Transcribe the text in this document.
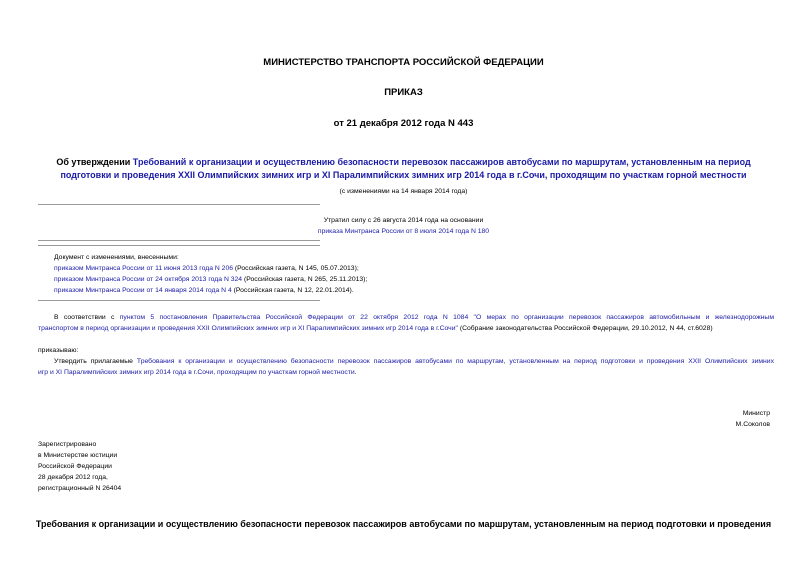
МИНИСТЕРСТВО ТРАНСПОРТА РОССИЙСКОЙ ФЕДЕРАЦИИ
ПРИКАЗ
от 21 декабря 2012 года N 443
Об утверждении Требований к организации и осуществлению безопасности перевозок пассажиров автобусами по маршрутам, установленным на период
подготовки и проведения XXII Олимпийских зимних игр и XI Паралимпийских зимних игр 2014 года в г.Сочи, проходящим по участкам горной местности
(с изменениями на 14 января 2014 года)
Утратил силу с 26 августа 2014 года на основании
приказа Минтранса России от 8 июля 2014 года N 180
Документ с изменениями, внесенными:
приказом Минтранса России от 11 июня 2013 года N 206 (Российская газета, N 145, 05.07.2013);
приказом Минтранса России от 24 октября 2013 года N 324 (Российская газета, N 265, 25.11.2013);
приказом Минтранса России от 14 января 2014 года N 4 (Российская газета, N 12, 22.01.2014).
В соответствии с пунктом 5 постановления Правительства Российской Федерации от 22 октября 2012 года N 1084 "О мерах по организации перевозок пассажиров автомобильным и железнодорожным
транспортом в период организации и проведения XXII Олимпийских зимних игр и XI Паралимпийских зимних игр 2014 года в г.Сочи" (Собрание законодательства Российской Федерации, 29.10.2012, N 44, ст.6028)
приказываю:
Утвердить прилагаемые Требования к организации и осуществлению безопасности перевозок пассажиров автобусами по маршрутам, установленным на период подготовки и проведения XXII Олимпийских зимних
игр и XI Паралимпийских зимних игр 2014 года в г.Сочи, проходящим по участкам горной местности.
Министр
М.Соколов
Зарегистрировано
в Министерстве юстиции
Российской Федерации
28 декабря 2012 года,
регистрационный N 26404
Требования к организации и осуществлению безопасности перевозок пассажиров автобусами по маршрутам, установленным на период подготовки и проведения
